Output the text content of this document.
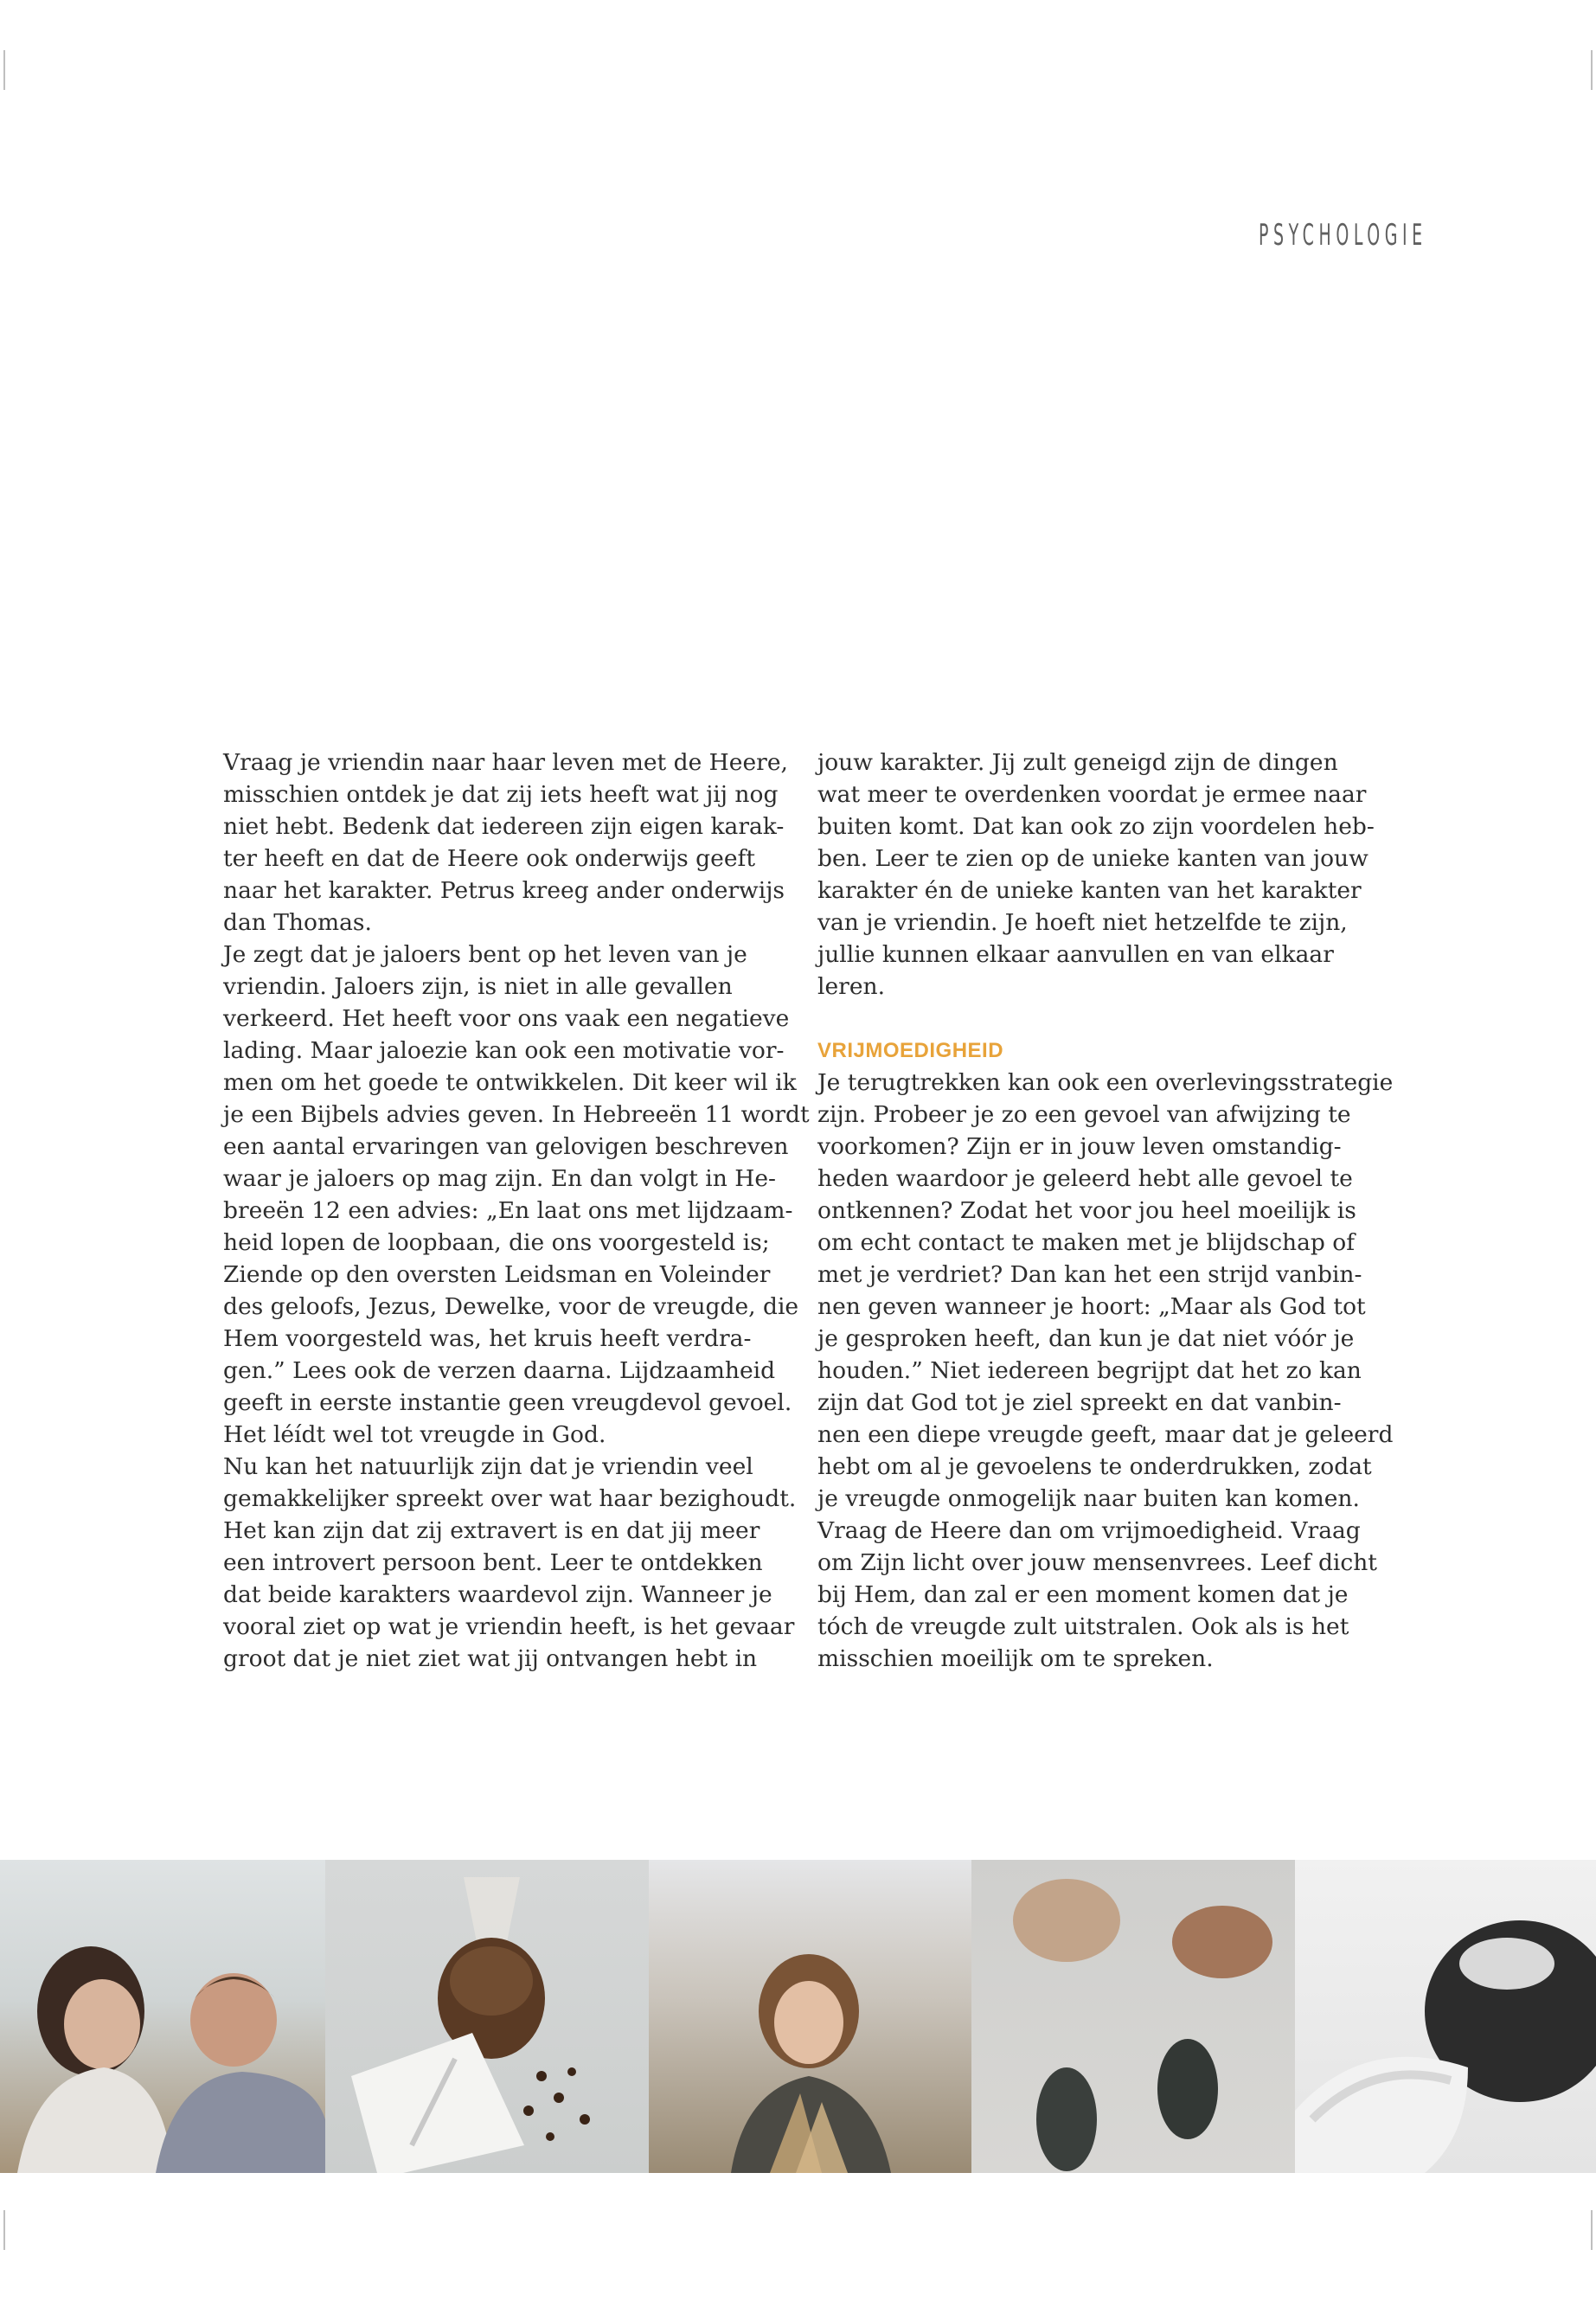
PSYCHOLOGIE
Vraag je vriendin naar haar leven met de Heere,
misschien ontdek je dat zij iets heeft wat jij nog
niet hebt. Bedenk dat iedereen zijn eigen karak-
ter heeft en dat de Heere ook onderwijs geeft
naar het karakter. Petrus kreeg ander onderwijs
dan Thomas.
Je zegt dat je jaloers bent op het leven van je
vriendin. Jaloers zijn, is niet in alle gevallen
verkeerd. Het heeft voor ons vaak een negatieve
lading. Maar jaloezie kan ook een motivatie vor-
men om het goede te ontwikkelen. Dit keer wil ik
je een Bijbels advies geven. In Hebreeën 11 wordt
een aantal ervaringen van gelovigen beschreven
waar je jaloers op mag zijn. En dan volgt in He-
breeën 12 een advies: „En laat ons met lijdzaam-
heid lopen de loopbaan, die ons voorgesteld is;
Ziende op den oversten Leidsman en Voleinder
des geloofs, Jezus, Dewelke, voor de vreugde, die
Hem voorgesteld was, het kruis heeft verdra-
gen.” Lees ook de verzen daarna. Lijdzaamheid
geeft in eerste instantie geen vreugdevol gevoel.
Het léídt wel tot vreugde in God.
Nu kan het natuurlijk zijn dat je vriendin veel
gemakkelijker spreekt over wat haar bezighoudt.
Het kan zijn dat zij extravert is en dat jij meer
een introvert persoon bent. Leer te ontdekken
dat beide karakters waardevol zijn. Wanneer je
vooral ziet op wat je vriendin heeft, is het gevaar
groot dat je niet ziet wat jij ontvangen hebt in
jouw karakter. Jij zult geneigd zijn de dingen
wat meer te overdenken voordat je ermee naar
buiten komt. Dat kan ook zo zijn voordelen heb-
ben. Leer te zien op de unieke kanten van jouw
karakter én de unieke kanten van het karakter
van je vriendin. Je hoeft niet hetzelfde te zijn,
jullie kunnen elkaar aanvullen en van elkaar
leren.
VRIJMOEDIGHEID
Je terugtrekken kan ook een overlevingsstrategie
zijn. Probeer je zo een gevoel van afwijzing te
voorkomen? Zijn er in jouw leven omstandig-
heden waardoor je geleerd hebt alle gevoel te
ontkennen? Zodat het voor jou heel moeilijk is
om echt contact te maken met je blijdschap of
met je verdriet? Dan kan het een strijd vanbin-
nen geven wanneer je hoort: „Maar als God tot
je gesproken heeft, dan kun je dat niet vóór je
houden.” Niet iedereen begrijpt dat het zo kan
zijn dat God tot je ziel spreekt en dat vanbin-
nen een diepe vreugde geeft, maar dat je geleerd
hebt om al je gevoelens te onderdrukken, zodat
je vreugde onmogelijk naar buiten kan komen.
Vraag de Heere dan om vrijmoedigheid. Vraag
om Zijn licht over jouw mensenvrees. Leef dicht
bij Hem, dan zal er een moment komen dat je
tóch de vreugde zult uitstralen. Ook als is het
misschien moeilijk om te spreken.
